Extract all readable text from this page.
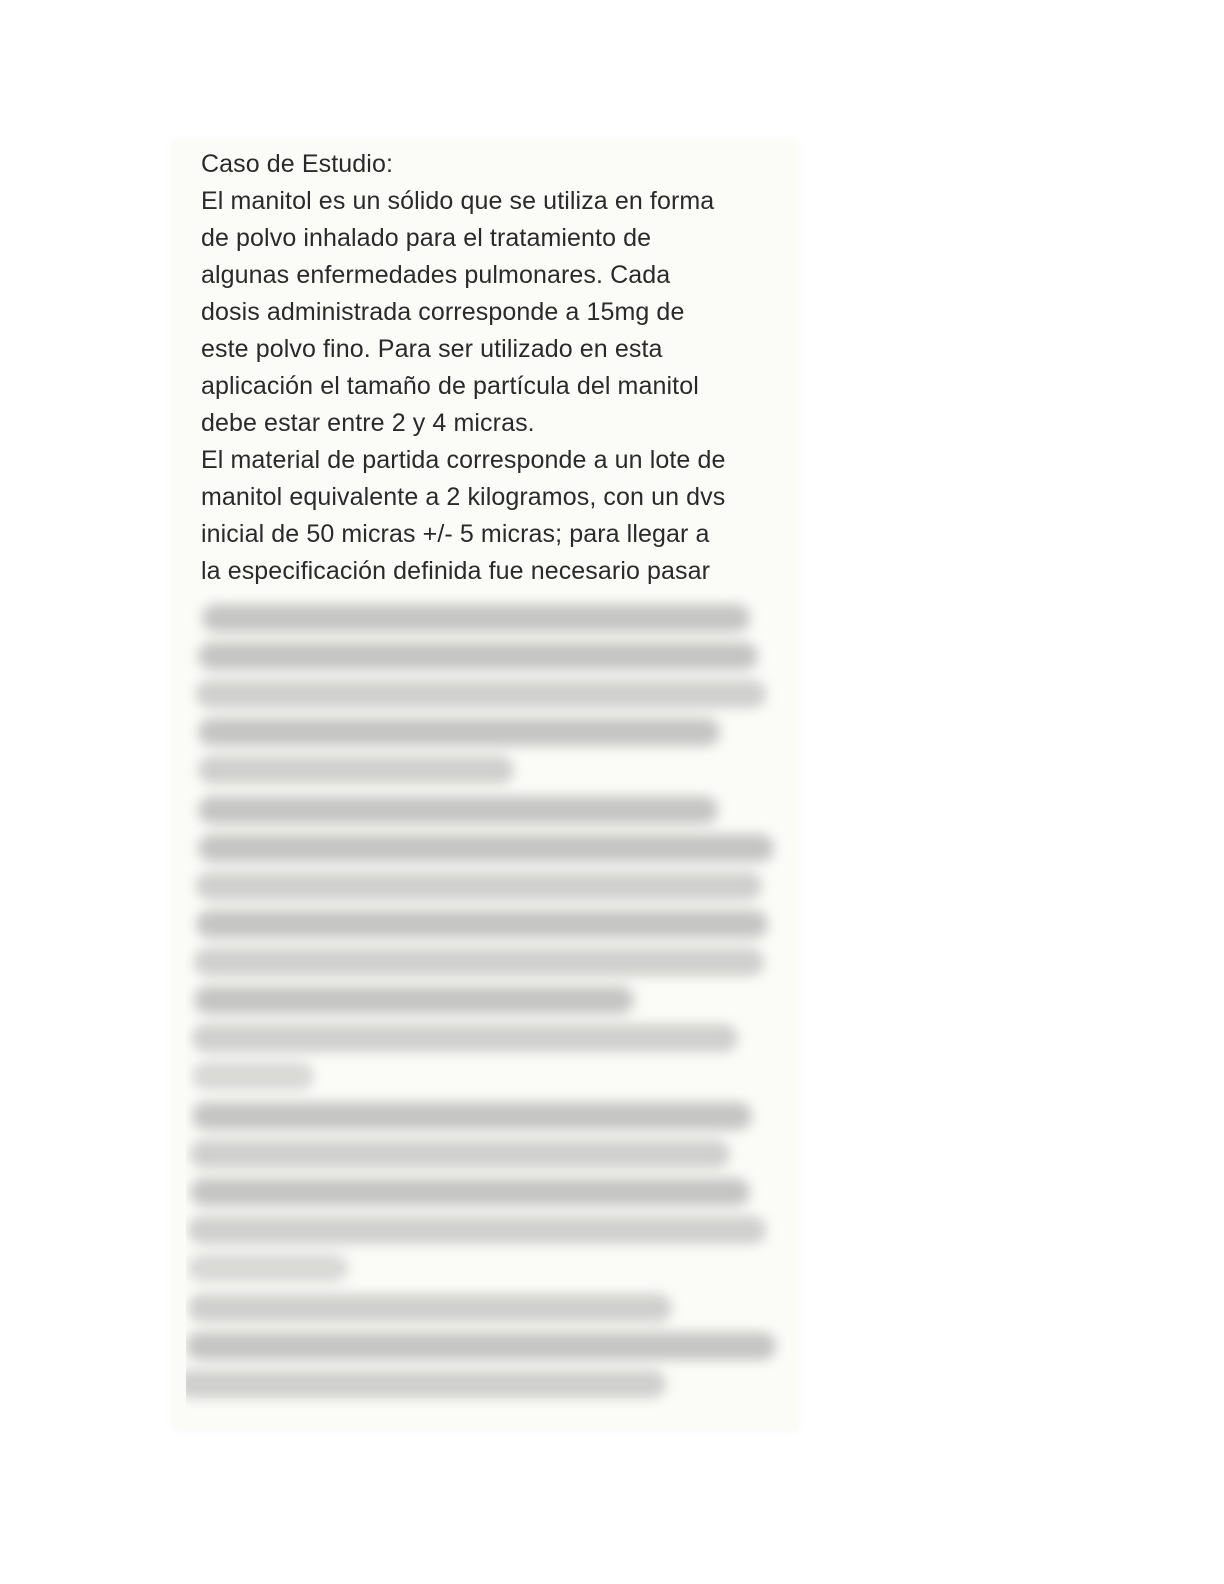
Caso de Estudio:
El manitol es un sólido que se utiliza en forma
de polvo inhalado para el tratamiento de
algunas enfermedades pulmonares. Cada
dosis administrada corresponde a 15mg de
este polvo fino. Para ser utilizado en esta
aplicación el tamaño de partícula del manitol
debe estar entre 2 y 4 micras.
El material de partida corresponde a un lote de
manitol equivalente a 2 kilogramos, con un dvs
inicial de 50 micras +/- 5 micras; para llegar a
la especificación definida fue necesario pasar
